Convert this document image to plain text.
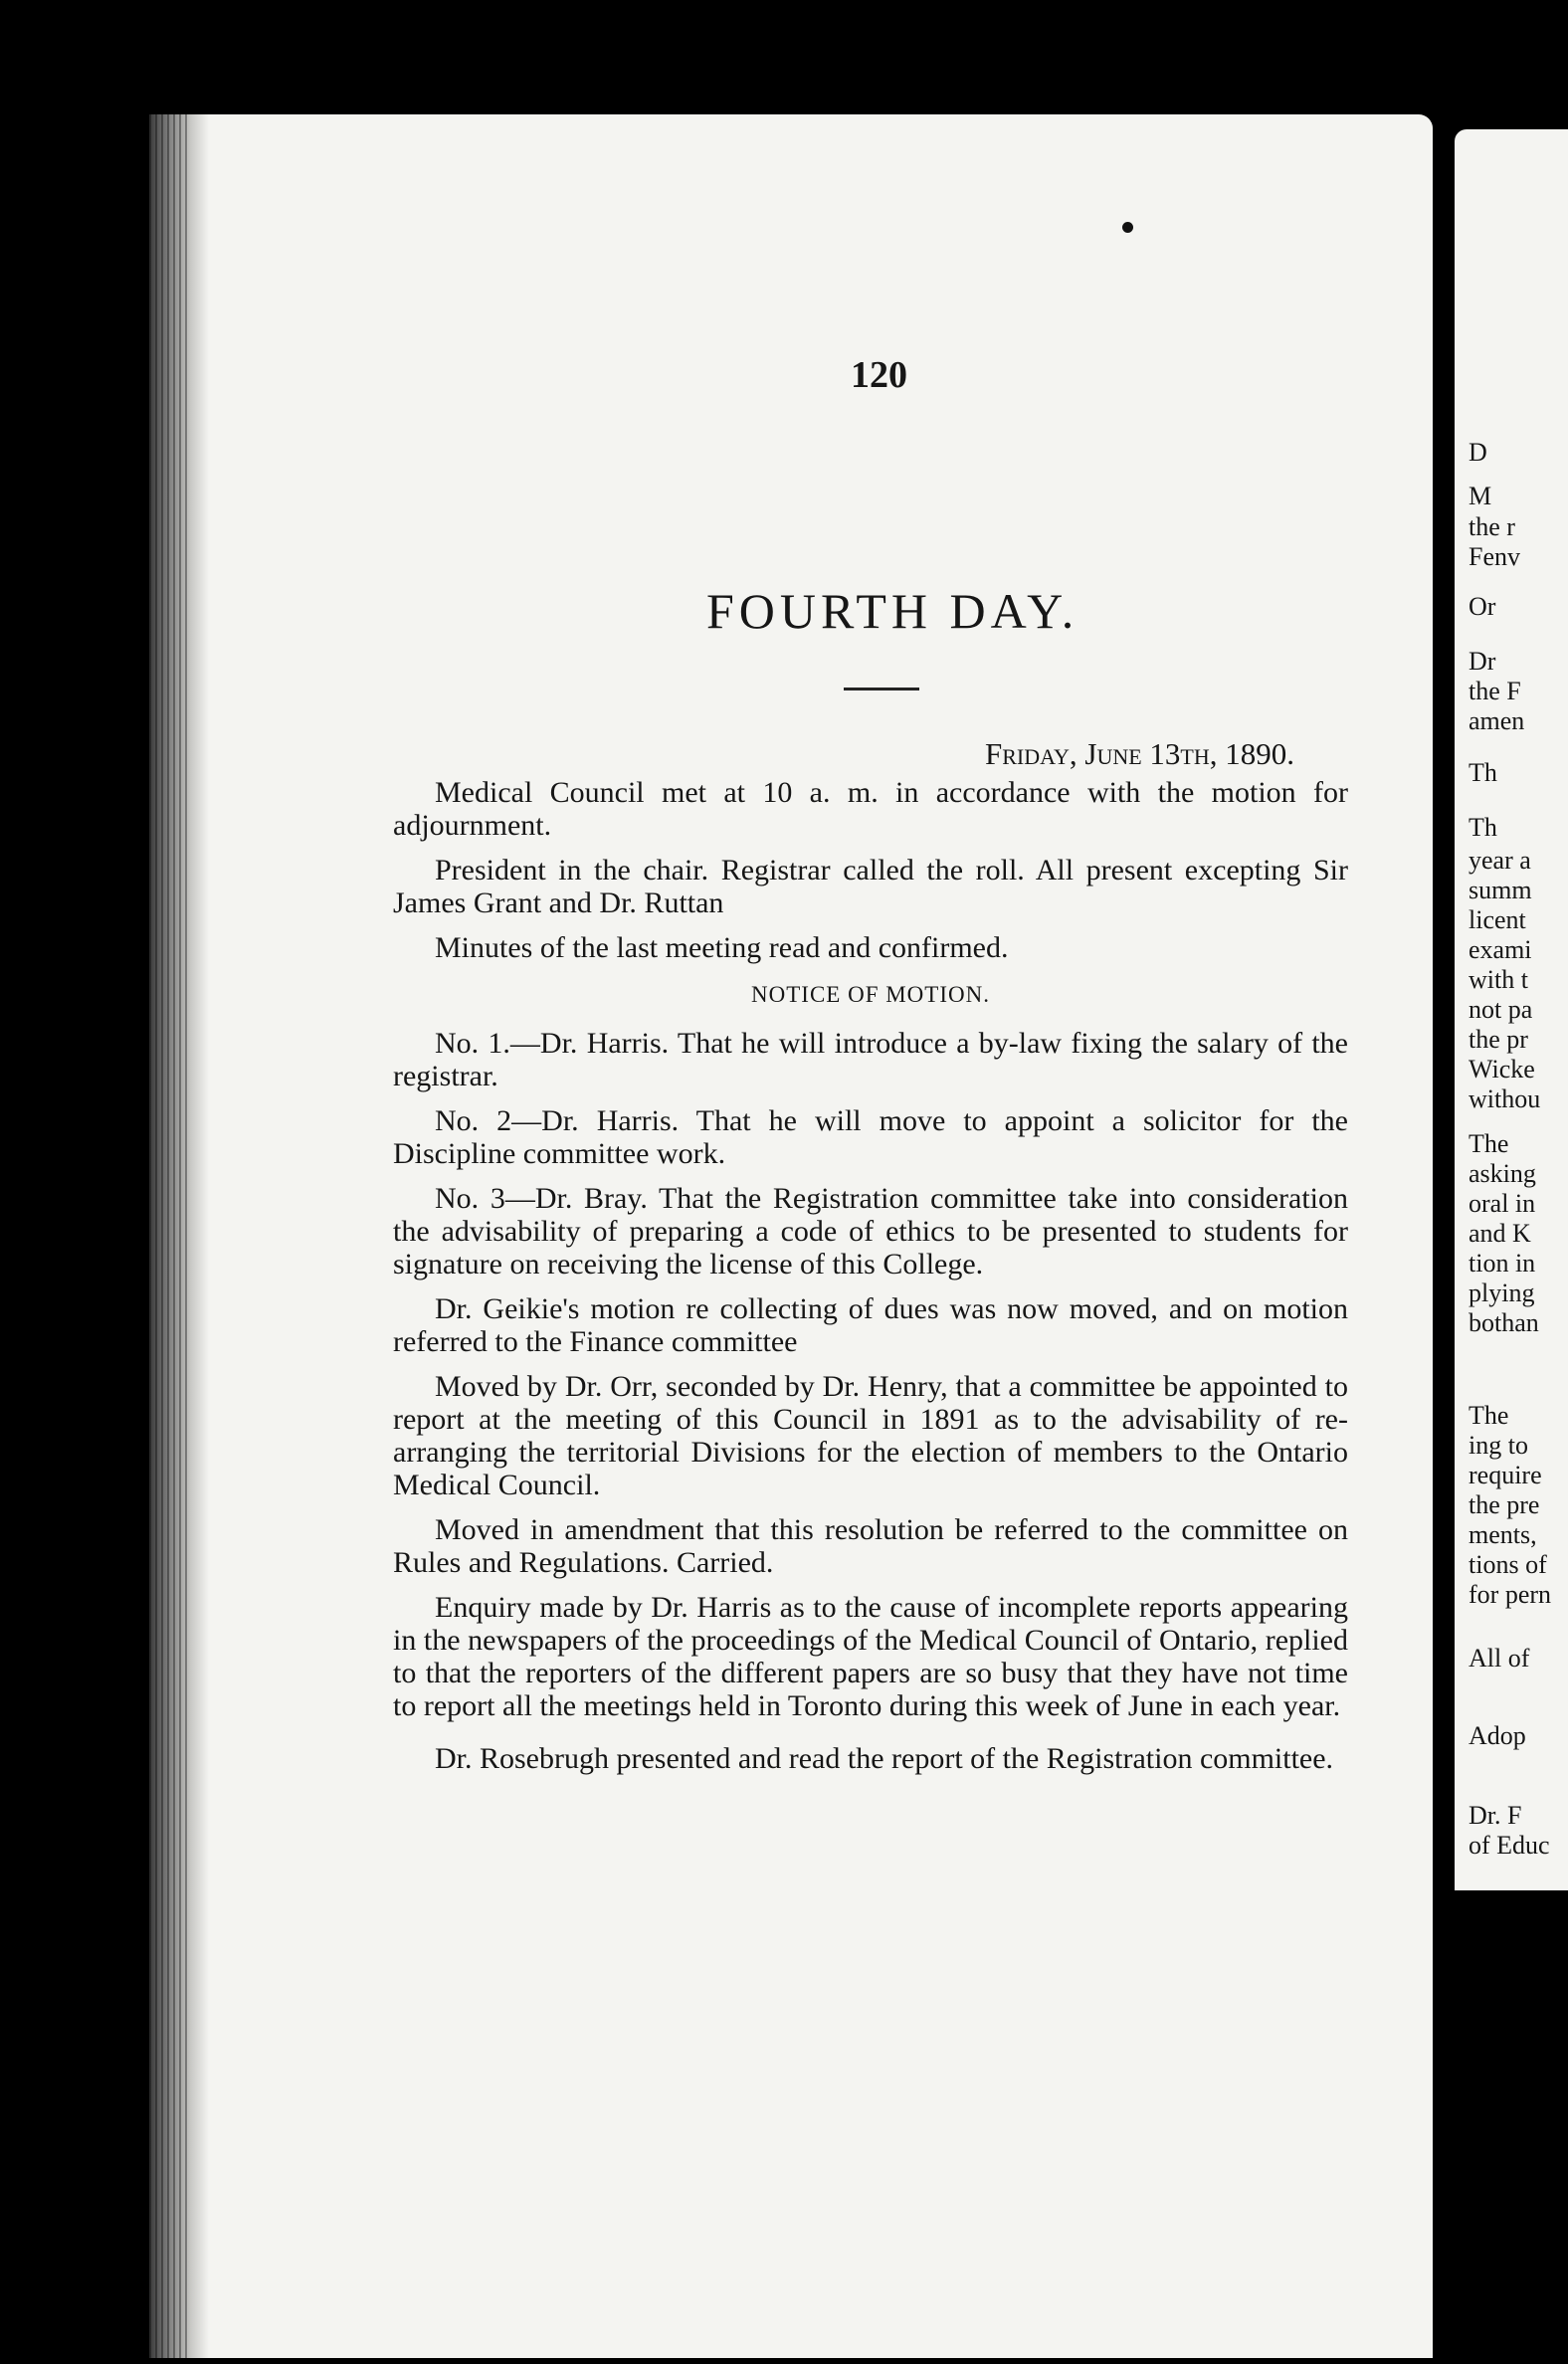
D
M
the r
Fenv
Or
Dr
the F
amen
Th
Th
year a
summ
licent
exami
with t
not pa
the pr
Wicke
withou
The
asking
oral in
and K
tion in
plying
bothan
The
ing to
require
the pre
ments,
tions of
for pern
All of
Adop
Dr. F
of Educ
120
FOURTH DAY.
Friday, June 13th, 1890.

Medical Council met at 10 a. m. in accordance with the motion for adjournment.

President in the chair. Registrar called the roll. All present excepting Sir James Grant and Dr. Ruttan

Minutes of the last meeting read and confirmed.

NOTICE OF MOTION.

No. 1.—Dr. Harris. That he will introduce a by-law fixing the salary of the registrar.

No. 2—Dr. Harris. That he will move to appoint a solicitor for the Discipline committee work.

No. 3—Dr. Bray. That the Registration committee take into consideration the advisability of preparing a code of ethics to be presented to students for signature on receiving the license of this College.

Dr. Geikie's motion re collecting of dues was now moved, and on motion referred to the Finance committee

Moved by Dr. Orr, seconded by Dr. Henry, that a committee be appointed to report at the meeting of this Council in 1891 as to the advisability of re-arranging the territorial Divisions for the election of members to the Ontario Medical Council.

Moved in amendment that this resolution be referred to the committee on Rules and Regulations. Carried.

Enquiry made by Dr. Harris as to the cause of incomplete reports appearing in the newspapers of the proceedings of the Medical Council of Ontario, replied to that the reporters of the different papers are so busy that they have not time to report all the meetings held in Toronto during this week of June in each year.

Dr. Rosebrugh presented and read the report of the Registration committee.
